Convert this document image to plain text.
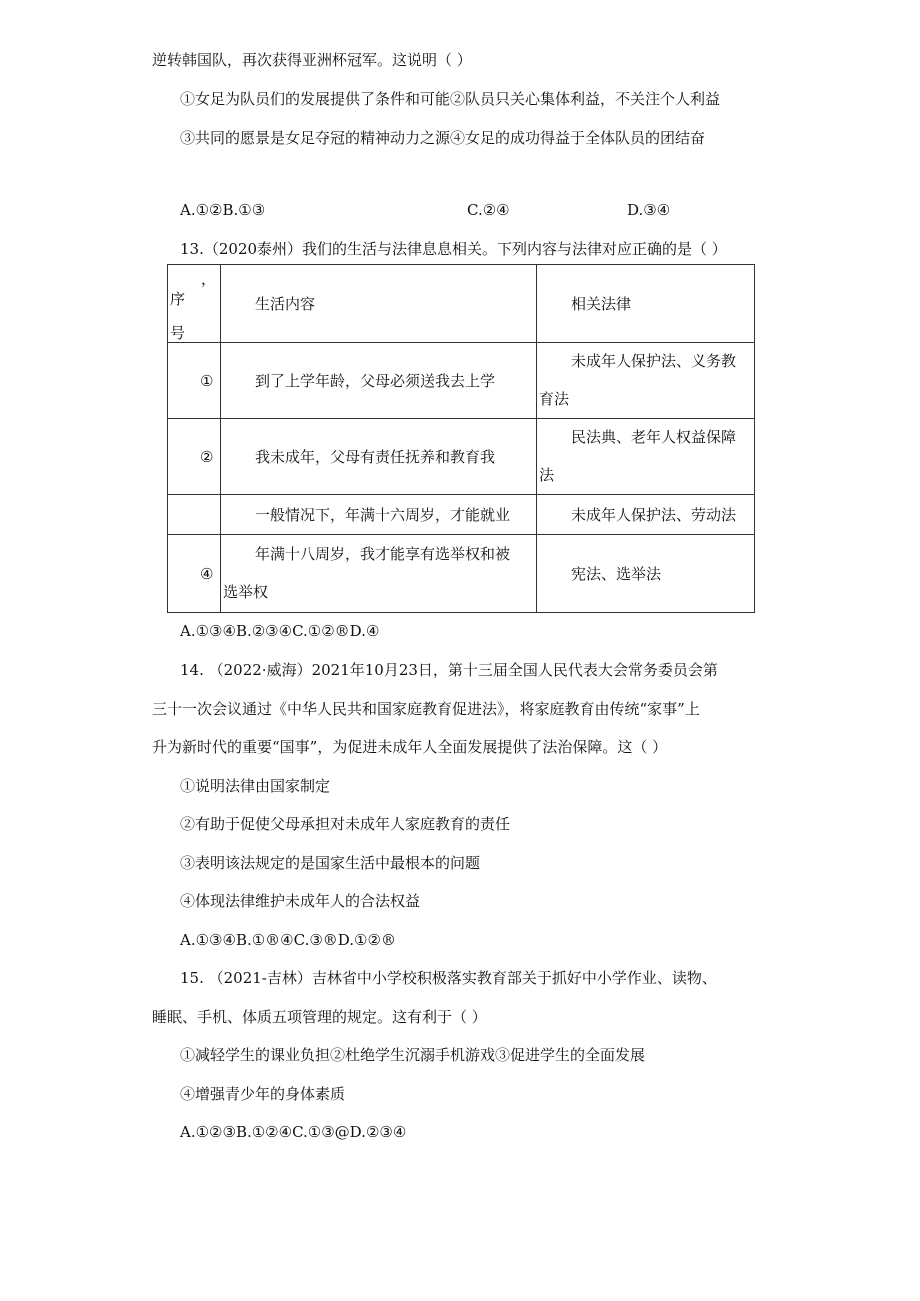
逆转韩国队，再次获得亚洲杯冠军。这说明（ ）
①女足为队员们的发展提供了条件和可能②队员只关心集体利益，不关注个人利益
③共同的愿景是女足夺冠的精神动力之源④女足的成功得益于全体队员的团结奋
A.①②B.①③	C.②④	D.③④
13.（2020泰州）我们的生活与法律息息相关。下列内容与法律对应正确的是（ ）
，
序
号	生活内容	相关法律

①	到了上学年龄，父母必须送我去上学	未成年人保护法、义务教
育法

②	我未成年，父母有责任抚养和教育我	民法典、老年人权益保障
法

	一般情况下，年满十六周岁，才能就业	未成年人保护法、劳动法

④	年满十八周岁，我才能享有选举权和被
选举权	宪法、选举法
A.①③④B.②③④C.①②®D.④
14. （2022·威海）2021年10月23日，第十三届全国人民代表大会常务委员会第
三十一次会议通过《中华人民共和国家庭教育促进法》，将家庭教育由传统“家事”上
升为新时代的重要“国事”，为促进未成年人全面发展提供了法治保障。这（ ）
①说明法律由国家制定
②有助于促使父母承担对未成年人家庭教育的责任
③表明该法规定的是国家生活中最根本的问题
④体现法律维护未成年人的合法权益
A.①③④B.①®④C.③®D.①②®
15. （2021-吉林）吉林省中小学校积极落实教育部关于抓好中小学作业、读物、
睡眠、手机、体质五项管理的规定。这有利于（ ）
①减轻学生的课业负担②杜绝学生沉溺手机游戏③促进学生的全面发展
④增强青少年的身体素质
A.①②③B.①②④C.①③@D.②③④
